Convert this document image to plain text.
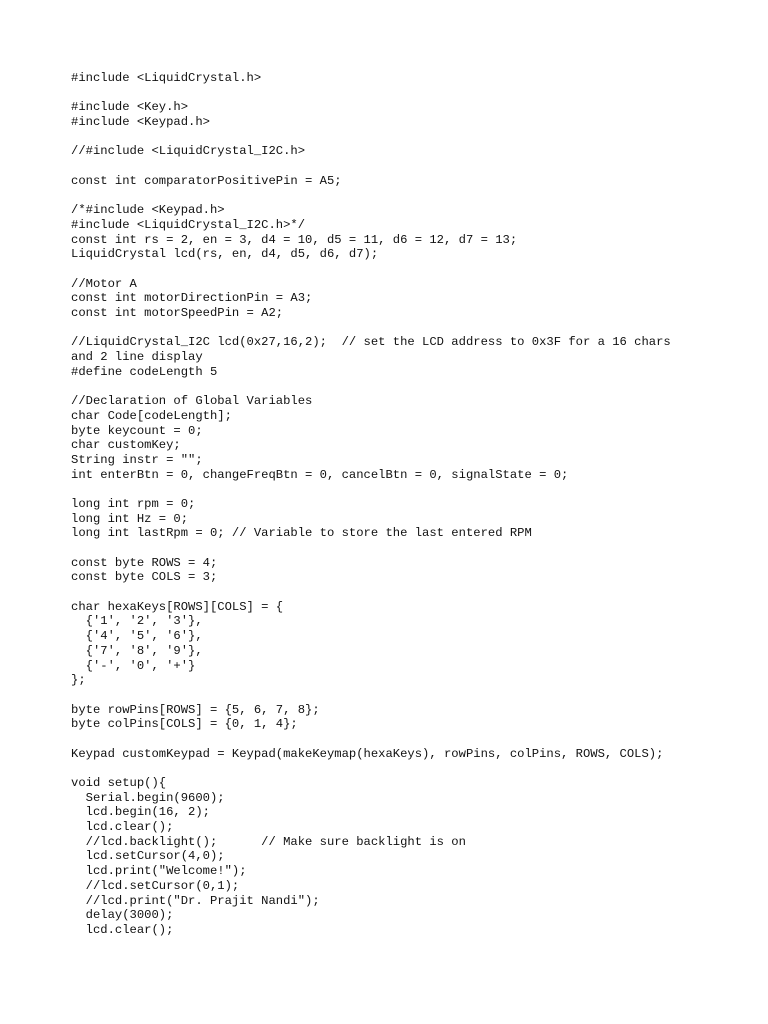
#include <LiquidCrystal.h>
#include <Key.h>
#include <Keypad.h>
//#include <LiquidCrystal_I2C.h>
const int comparatorPositivePin = A5;
/*#include <Keypad.h>
#include <LiquidCrystal_I2C.h>*/
const int rs = 2, en = 3, d4 = 10, d5 = 11, d6 = 12, d7 = 13;
LiquidCrystal lcd(rs, en, d4, d5, d6, d7);
//Motor A
const int motorDirectionPin = A3;
const int motorSpeedPin = A2;
//LiquidCrystal_I2C lcd(0x27,16,2);  // set the LCD address to 0x3F for a 16 chars
and 2 line display
#define codeLength 5
//Declaration of Global Variables
char Code[codeLength];
byte keycount = 0;
char customKey;
String instr = "";
int enterBtn = 0, changeFreqBtn = 0, cancelBtn = 0, signalState = 0;
long int rpm = 0;
long int Hz = 0;
long int lastRpm = 0; // Variable to store the last entered RPM
const byte ROWS = 4;
const byte COLS = 3;
char hexaKeys[ROWS][COLS] = {
{'1', '2', '3'},
{'4', '5', '6'},
{'7', '8', '9'},
{'-', '0', '+'}
};
byte rowPins[ROWS] = {5, 6, 7, 8};
byte colPins[COLS] = {0, 1, 4};
Keypad customKeypad = Keypad(makeKeymap(hexaKeys), rowPins, colPins, ROWS, COLS);
void setup(){
Serial.begin(9600);
lcd.begin(16, 2);
lcd.clear();
//lcd.backlight();      // Make sure backlight is on
lcd.setCursor(4,0);
lcd.print("Welcome!");
//lcd.setCursor(0,1);
//lcd.print("Dr. Prajit Nandi");
delay(3000);
lcd.clear();
